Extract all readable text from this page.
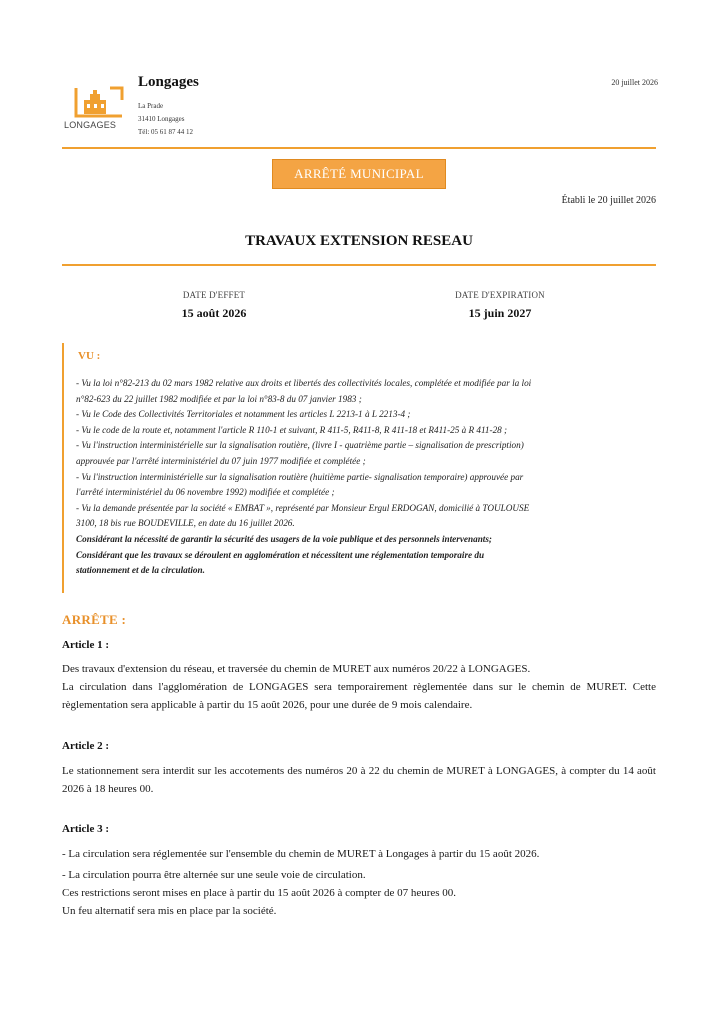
LONGAGES
Longages
La Prade
31410 Longages
Tél: 05 61 87 44 12
20 juillet 2026
ARRÊTÉ MUNICIPAL
Établi le 20 juillet 2026
TRAVAUX EXTENSION RESEAU
DATE D'EFFET
15 août 2026
DATE D'EXPIRATION
15 juin 2027
VU :

- Vu la loi n°82-213 du 02 mars 1982 relative aux droits et libertés des collectivités locales, complétée et modifiée par la loi

n°82-623 du 22 juillet 1982 modifiée et par la loi n°83-8 du 07 janvier 1983 ;

- Vu le Code des Collectivités Territoriales et notamment les articles L 2213-1 à L 2213-4 ;

- Vu le code de la route et, notamment l'article R 110-1 et suivant, R 411-5, R411-8, R 411-18 et R411-25 à R 411-28 ;

- Vu l'instruction interministérielle sur la signalisation routière, (livre I - quatrième partie – signalisation de prescription)

approuvée par l'arrêté interministériel du 07 juin 1977 modifiée et complétée ;

- Vu l'instruction interministérielle sur la signalisation routière (huitième partie- signalisation temporaire) approuvée par

l'arrêté interministériel du 06 novembre 1992) modifiée et complétée ;

- Vu la demande présentée par la société « EMBAT », représenté par Monsieur Ergul ERDOGAN, domicilié à TOULOUSE

3100, 18 bis rue BOUDEVILLE, en date du 16 juillet 2026.

Considérant la nécessité de garantir la sécurité des usagers de la voie publique et des personnels intervenants;

Considérant que les travaux se déroulent en agglomération et nécessitent une réglementation temporaire du

stationnement et de la circulation.

ARRÊTE :
Article 1 :

Des travaux d'extension du réseau, et traversée du chemin de MURET aux numéros 20/22 à LONGAGES.

La circulation dans l'agglomération de LONGAGES sera temporairement règlementée dans sur le chemin de MURET. Cette règlementation sera applicable à partir du 15 août 2026, pour une durée de 9 mois calendaire.

Article 2 :

Le stationnement sera interdit sur les accotements des numéros 20 à 22 du chemin de MURET à LONGAGES, à compter du 14 août 2026 à 18 heures 00.

Article 3 :

- La circulation sera réglementée sur l'ensemble du chemin de MURET à Longages à partir du 15 août 2026.

- La circulation pourra être alternée sur une seule voie de circulation.

Ces restrictions seront mises en place à partir du 15 août 2026 à compter de 07 heures 00.

Un feu alternatif sera mis en place par la société.
